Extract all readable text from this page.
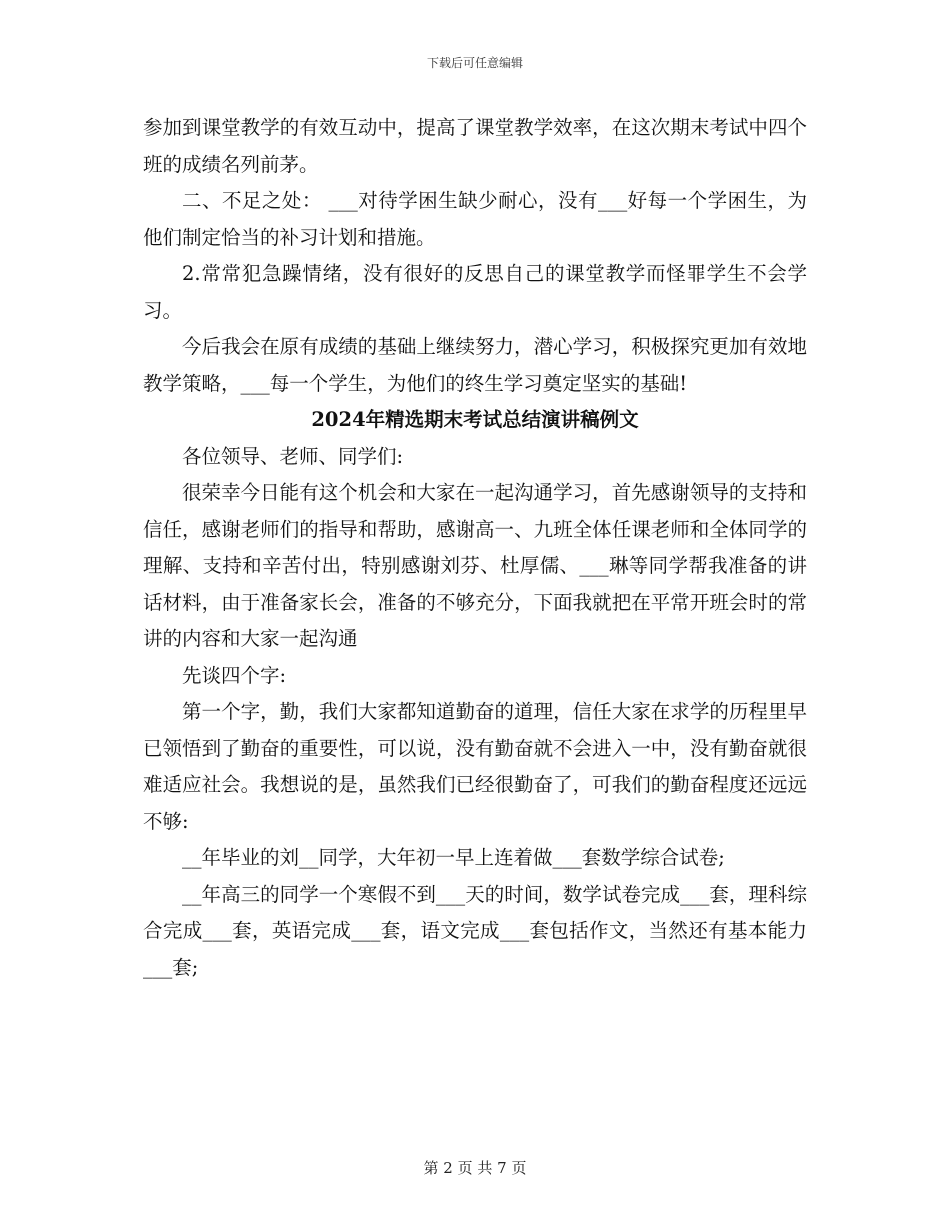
下载后可任意编辑

参加到课堂教学的有效互动中，提高了课堂教学效率，在这次期末考试中四个班的成绩名列前茅。

二、不足之处： ___对待学困生缺少耐心，没有___好每一个学困生，为他们制定恰当的补习计划和措施。

2.常常犯急躁情绪，没有很好的反思自己的课堂教学而怪罪学生不会学习。

今后我会在原有成绩的基础上继续努力，潜心学习，积极探究更加有效地教学策略，___每一个学生，为他们的终生学习奠定坚实的基础!

2024年精选期末考试总结演讲稿例文

各位领导、老师、同学们:

很荣幸今日能有这个机会和大家在一起沟通学习，首先感谢领导的支持和信任，感谢老师们的指导和帮助，感谢高一、九班全体任课老师和全体同学的理解、支持和辛苦付出，特别感谢刘芬、杜厚儒、___琳等同学帮我准备的讲话材料，由于准备家长会，准备的不够充分，下面我就把在平常开班会时的常讲的内容和大家一起沟通

先谈四个字:

第一个字，勤，我们大家都知道勤奋的道理，信任大家在求学的历程里早已领悟到了勤奋的重要性，可以说，没有勤奋就不会进入一中，没有勤奋就很难适应社会。我想说的是，虽然我们已经很勤奋了，可我们的勤奋程度还远远不够:

__年毕业的刘__同学，大年初一早上连着做___套数学综合试卷;

__年高三的同学一个寒假不到___天的时间，数学试卷完成___套，理科综合完成___套，英语完成___套，语文完成___套包括作文，当然还有基本能力___套;

第 2 页 共 7 页
